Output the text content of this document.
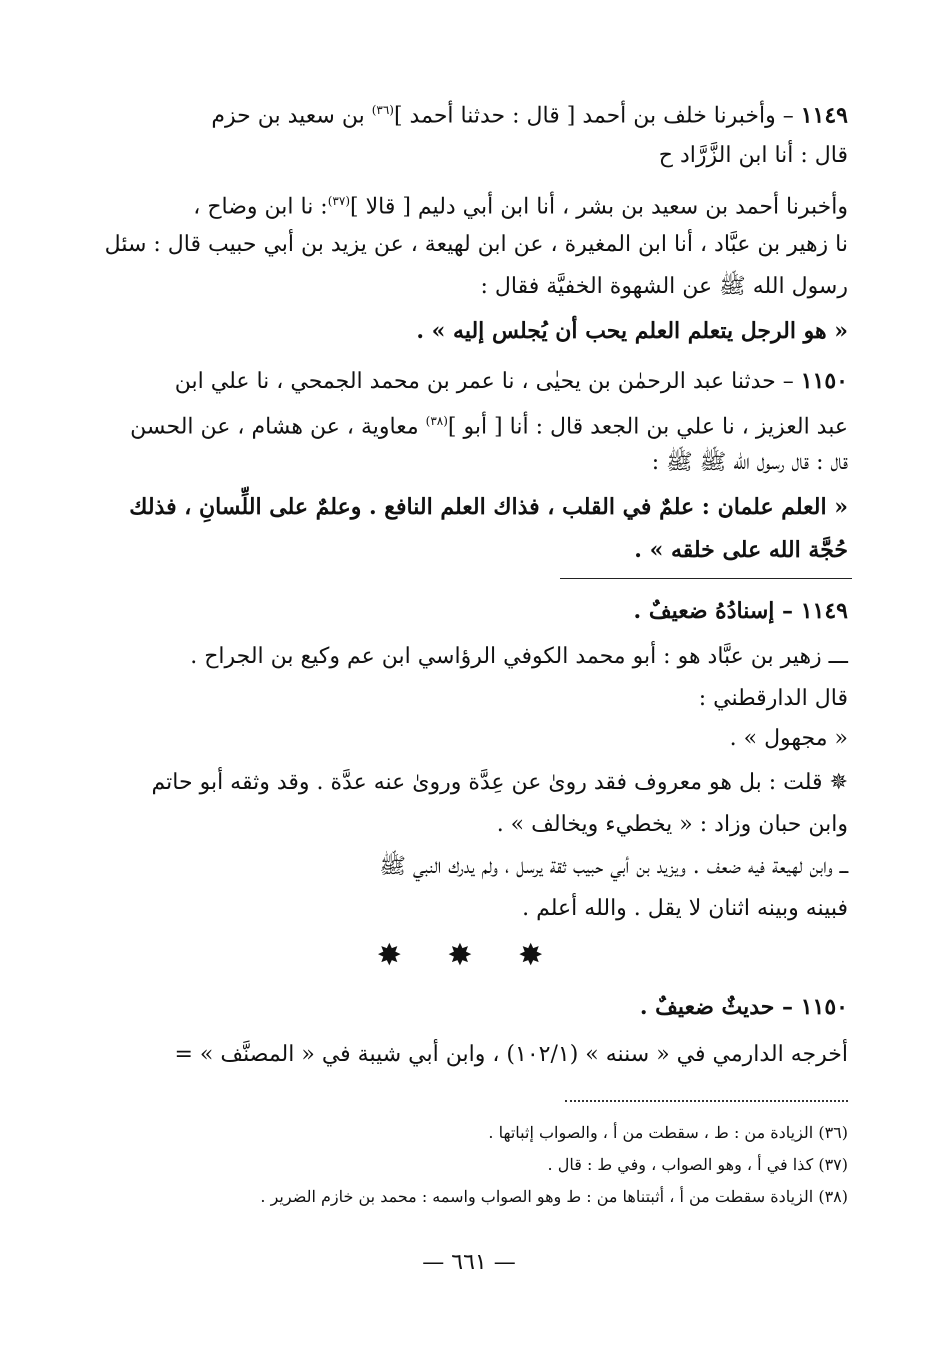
١١٤٩ – وأخبرنا خلف بن أحمد [ قال : حدثنا أحمد ]$^{(٣٦)}$ بن سعيد بن حزم
قال : أنا ابن الزَّرَّاد ح
وأخبرنا أحمد بن سعيد بن بشر ، أنا ابن أبي دليم [ قالا ]$^{(٣٧)}$: نا ابن وضاح ،
نا زهير بن عبَّاد ، أنا ابن المغيرة ، عن ابن لهيعة ، عن يزيد بن أبي حبيب قال : سئل
رسول الله ﷺ عن الشهوة الخفيَّة فقال :
« هو الرجل يتعلم العلم يحب أن يُجلس إليه » .
١١٥٠ – حدثنا عبد الرحمٰن بن يحيٰى ، نا عمر بن محمد الجمحي ، نا علي ابن
عبد العزيز ، نا علي بن الجعد قال : أنا [ أبو ]$^{(٣٨)}$ معاوية ، عن هشام ، عن الحسن
قال : قال رسول الله ﷺ ﷺ :
« العلم علمان : علمٌ في القلب ، فذاك العلم النافع . وعلمٌ على اللِّسانِ ، فذلك
حُجَّة الله على خلقه » .
١١٤٩ – إسنادُهُ ضعيفٌ .
ـــ زهير بن عبَّاد هو : أبو محمد الكوفي الرؤاسي ابن عم وكيع بن الجراح .
قال الدارقطني :
« مجهول » .
✵ قلت : بل هو معروف فقد روىٰ عن عِدَّة وروىٰ عنه عدَّة . وقد وثقه أبو حاتم
وابن حبان وزاد : « يخطيء ويخالف » .
ـــ وابن لهيعة فيه ضعف . ويزيد بن أبي حبيب ثقة يرسل ، ولم يدرك النبي ﷺ
فبينه وبينه اثنان لا يقل . والله أعلم .
✸ ✸ ✸
١١٥٠ – حديثٌ ضعيفٌ .
أخرجه الدارمي في « سننه » (١٠٢/١) ، وابن أبي شيبة في « المصنَّف » =
(٣٦) الزيادة من : ط ، سقطت من أ ، والصواب إثباتها .
(٣٧) كذا في أ ، وهو الصواب ، وفي ط : قال .
(٣٨) الزيادة سقطت من أ ، أثبتناها من : ط وهو الصواب واسمه : محمد بن خازم الضرير .
— ٦٦١ —
